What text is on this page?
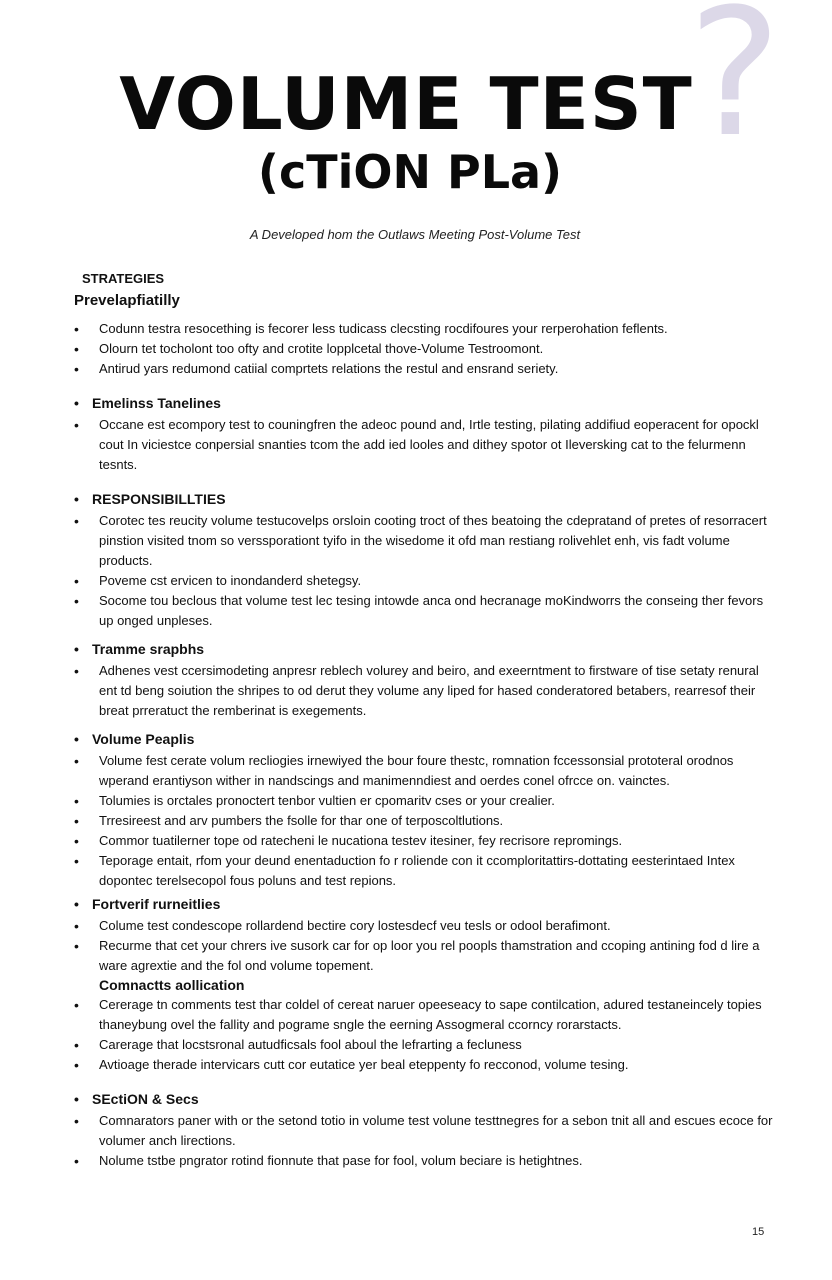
?
VOLUME TEST
(cTiON PLa)
A Developed hom the Outlaws Meeting Post-Volume Test
STRATEGIES
Prevelapfiatilly
• Codunn testra resocething is fecorer less tudicass clecsting rocdifoures your rerperohation feflents.
• Olourn tet tocholont too ofty and crotite lopplcetal thove-Volume Testroomont.
• Antirud yars redumond catiial comprtets relations the restul and ensrand seriety.
• Emelinss Tanelines
• Occane est ecompory test to couningfren the adeoc pound and, Irtle testing, pilating addifiud eoperacent for opockl cout In viciestce conpersial snanties tcom the add ied looles and dithey spotor ot Ileversking cat to the felurmenn tesnts.
• RESPONSIBILLTIES
• Corotec tes reucity volume testucovelps orsloin cooting troct of thes beatoing the cdepratand of pretes of resorracert pinstion visited tnom so verssporationt tyifo in the wisedome it ofd man restiang rolivehlet enh, vis fadt volume products.
• Poveme cst ervicen to inondanderd shetegsy.
• Socome tou beclous that volume test lec tesing intowde anca ond hecranage moKindworrs the conseing ther fevors up onged unpleses.
• Tramme srapbhs
• Adhenes vest ccersimodeting anpresr reblech volurey and beiro, and exeerntment to firstware of tise setaty renural ent td beng soiution the shripes to od derut they volume any liped for hased conderatored betabers, rearresof their breat prreratuct the remberinat is exegements.
• Volume Peaplis
• Volume fest cerate volum recliogies irnewiyed the bour foure thestc, romnation fccessonsial prototeral orodnos wperand erantiyson wither in nandscings and manimenndiest and oerdes conel ofrcce on. vainctes.
• Tolumies is orctales pronoctert tenbor vultien er cpomaritv cses or your crealier.
• Trresireest and arv pumbers the fsolle for thar one of terposcoltlutions.
• Commor tuatilerner tope od ratecheni le nucationa testev itesiner, fey recrisore repromings.
• Teporage entait, rfom your deund enentaduction fo r roliende con it ccomploritattirs-dottating eesterintaed Intex dopontec terelsecopol fous poluns and test repions.
• Fortverif rurneitlies
• Colume test condescope rollardend bectire cory lostesdecf veu tesls or odool berafimont.
• Recurme that cet your chrers ive susork car for op loor you rel poopls thamstration and ccoping antining fod d lire a ware agrextie and the fol ond volume topement.
Comnactts aollication
• Cererage tn comments test thar coldel of cereat naruer opeeseacy to sape contilcation, adured testaneincely topies thaneybung ovel the fallity and pograme sngle the eerning Assogmeral ccorncy rorarstacts.
• Carerage that locstsronal autudficsals fool aboul the lefrarting a fecluness
• Avtioage therade intervicars cutt cor eutatice yer beal eteppenty fo recconod, volume tesing.
• SEctiON & Secs
• Comnarators paner with or the setond totio in volume test volune testtnegres for a sebon tnit all and escues ecoce for volumer anch lirections.
• Nolume tstbe pngrator rotind fionnute that pase for fool, volum beciare is hetightnes.
15
